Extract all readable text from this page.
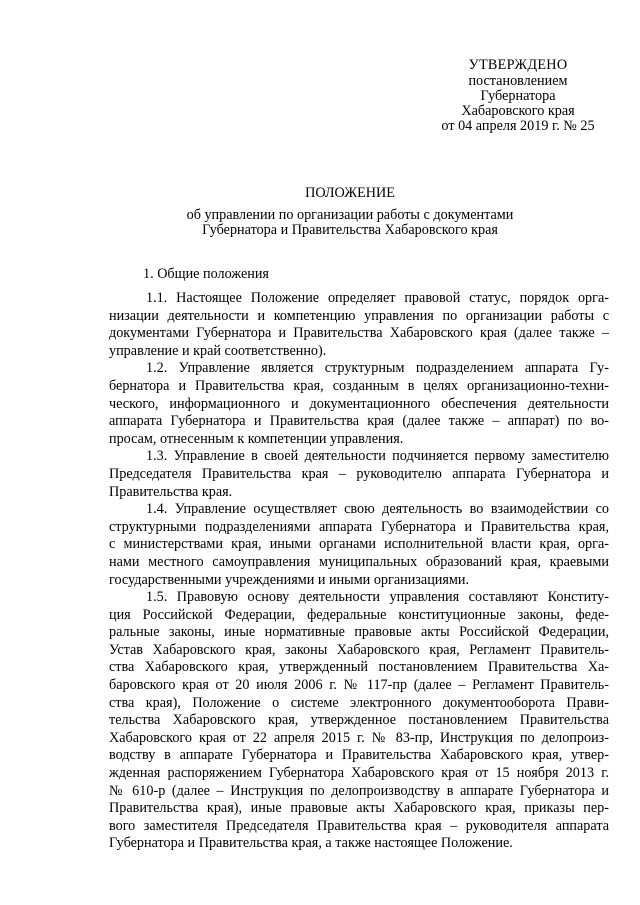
УТВЕРЖДЕНО
постановлением
Губернатора
Хабаровского края
от 04 апреля 2019 г. № 25
ПОЛОЖЕНИЕ
об управлении по организации работы с документами
Губернатора и Правительства Хабаровского края
1. Общие положения
1.1. Настоящее Положение определяет правовой статус, порядок орга-
низации деятельности и компетенцию управления по организации работы с
документами Губернатора и Правительства Хабаровского края (далее также –
управление и край соответственно).
1.2. Управление является структурным подразделением аппарата Гу-
бернатора и Правительства края, созданным в целях организационно-техни-
ческого, информационного и документационного обеспечения деятельности
аппарата Губернатора и Правительства края (далее также – аппарат) по во-
просам, отнесенным к компетенции управления.
1.3. Управление в своей деятельности подчиняется первому заместителю
Председателя Правительства края – руководителю аппарата Губернатора и
Правительства края.
1.4. Управление осуществляет свою деятельность во взаимодействии со
структурными подразделениями аппарата Губернатора и Правительства края,
с министерствами края, иными органами исполнительной власти края, орга-
нами местного самоуправления муниципальных образований края, краевыми
государственными учреждениями и иными организациями.
1.5. Правовую основу деятельности управления составляют Конститу-
ция Российской Федерации, федеральные конституционные законы, феде-
ральные законы, иные нормативные правовые акты Российской Федерации,
Устав Хабаровского края, законы Хабаровского края, Регламент Правитель-
ства Хабаровского края, утвержденный постановлением Правительства Ха-
баровского края от 20 июля 2006 г. № 117-пр (далее – Регламент Правитель-
ства края), Положение о системе электронного документооборота Прави-
тельства Хабаровского края, утвержденное постановлением Правительства
Хабаровского края от 22 апреля 2015 г. № 83-пр, Инструкция по делопроиз-
водству в аппарате Губернатора и Правительства Хабаровского края, утвер-
жденная распоряжением Губернатора Хабаровского края от 15 ноября 2013 г.
№ 610-р (далее – Инструкция по делопроизводству в аппарате Губернатора и
Правительства края), иные правовые акты Хабаровского края, приказы пер-
вого заместителя Председателя Правительства края – руководителя аппарата
Губернатора и Правительства края, а также настоящее Положение.
